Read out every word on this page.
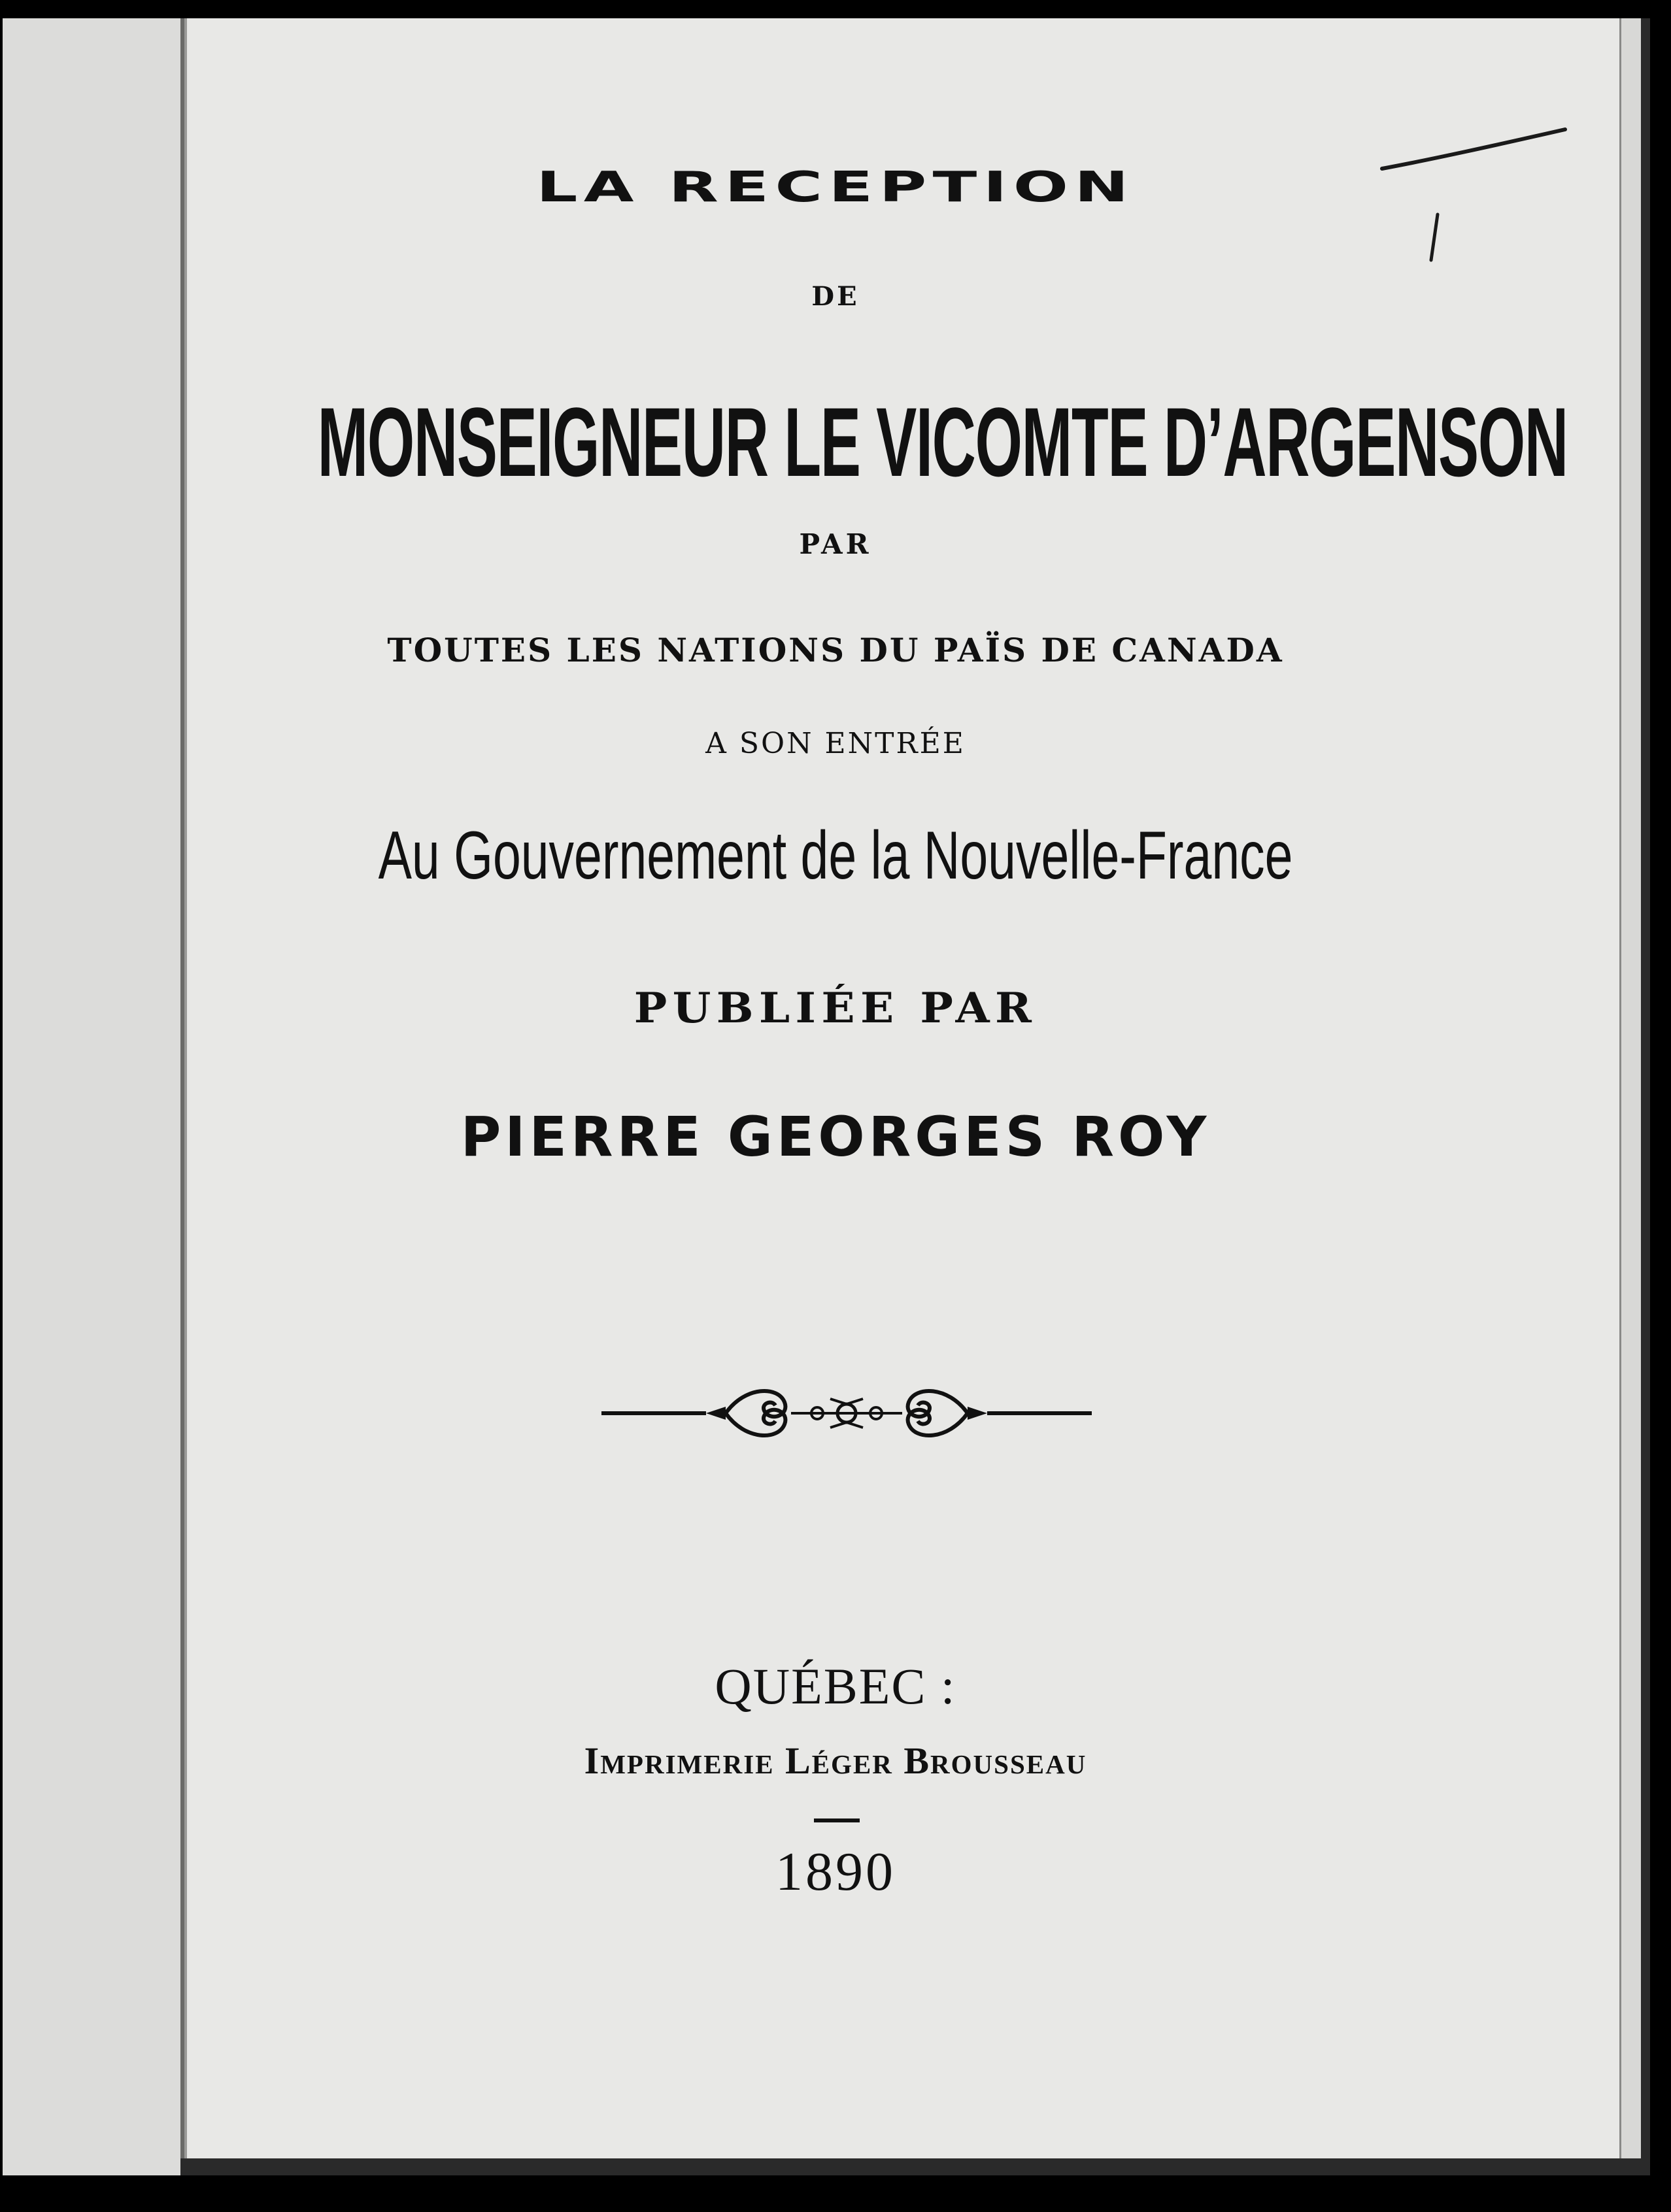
LA RECEPTION
DE
MONSEIGNEUR LE VICOMTE D’ARGENSON
PAR
TOUTES LES NATIONS DU PAÏS DE CANADA
A SON ENTRÉE
Au Gouvernement de la Nouvelle-France
PUBLIÉE PAR
PIERRE GEORGES ROY
QUÉBEC :
Imprimerie Léger Brousseau
1890
